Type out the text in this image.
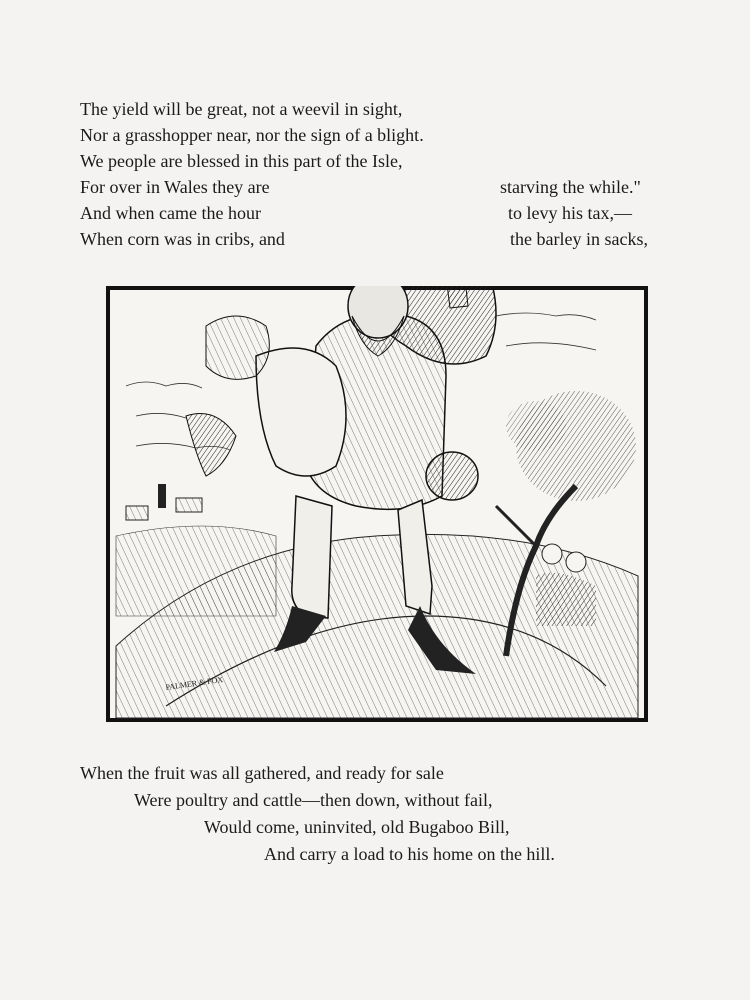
The yield will be great, not a weevil in sight,
Nor a grasshopper near, nor the sign of a blight.
We people are blessed in this part of the Isle,
For over in Wales they are	starving the while."
And when came the hour	to levy his tax,—
When corn was in cribs, and	the barley in sacks,
PALMER & FOX
When the fruit was all gathered, and ready for sale
Were poultry and cattle—then down, without fail,
Would come, uninvited, old Bugaboo Bill,
And carry a load to his home on the hill.
